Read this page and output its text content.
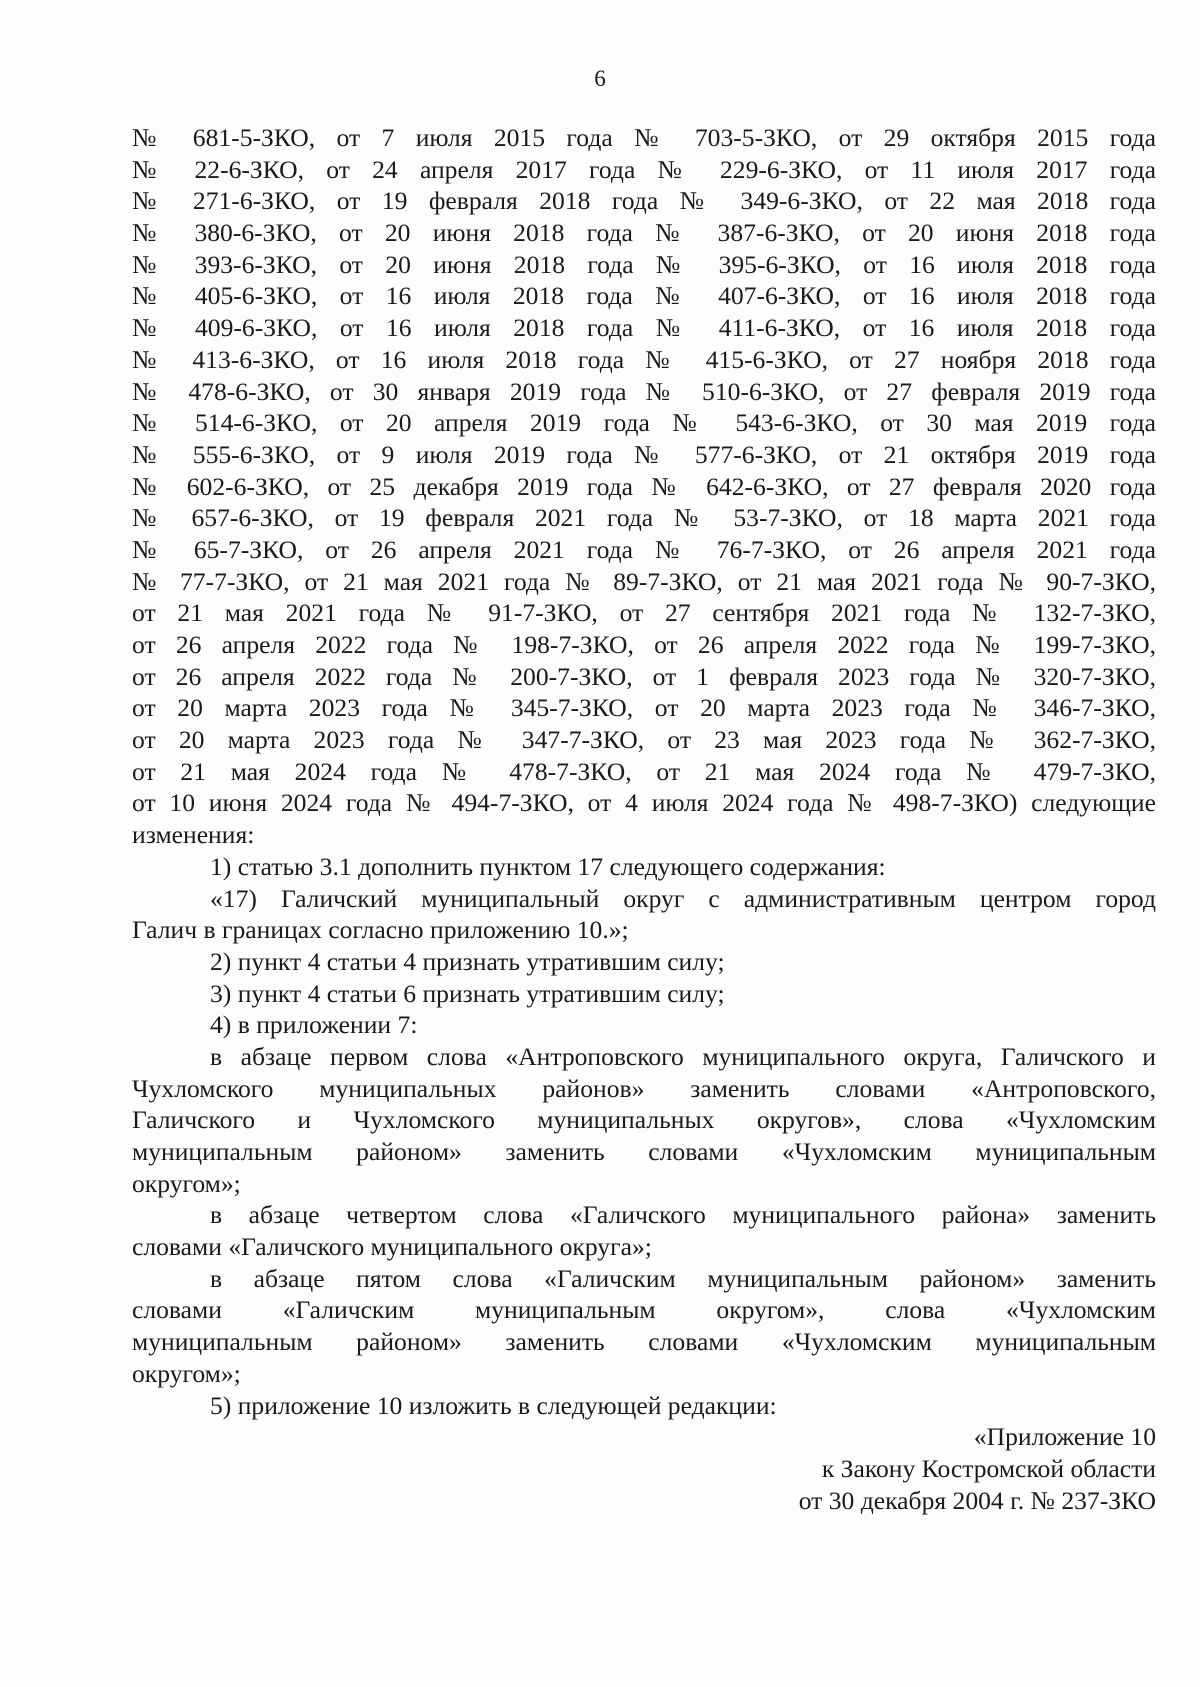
6
№ 681-5-ЗКО, от 7 июля 2015 года № 703-5-ЗКО, от 29 октября 2015 года
№ 22-6-ЗКО, от 24 апреля 2017 года № 229-6-ЗКО, от 11 июля 2017 года
№ 271-6-ЗКО, от 19 февраля 2018 года № 349-6-ЗКО, от 22 мая 2018 года
№ 380-6-ЗКО, от 20 июня 2018 года № 387-6-ЗКО, от 20 июня 2018 года
№ 393-6-ЗКО, от 20 июня 2018 года № 395-6-ЗКО, от 16 июля 2018 года
№ 405-6-ЗКО, от 16 июля 2018 года № 407-6-ЗКО, от 16 июля 2018 года
№ 409-6-ЗКО, от 16 июля 2018 года № 411-6-ЗКО, от 16 июля 2018 года
№ 413-6-ЗКО, от 16 июля 2018 года № 415-6-ЗКО, от 27 ноября 2018 года
№ 478-6-ЗКО, от 30 января 2019 года № 510-6-ЗКО, от 27 февраля 2019 года
№ 514-6-ЗКО, от 20 апреля 2019 года № 543-6-ЗКО, от 30 мая 2019 года
№ 555-6-ЗКО, от 9 июля 2019 года № 577-6-ЗКО, от 21 октября 2019 года
№ 602-6-ЗКО, от 25 декабря 2019 года № 642-6-ЗКО, от 27 февраля 2020 года
№ 657-6-ЗКО, от 19 февраля 2021 года № 53-7-ЗКО, от 18 марта 2021 года
№ 65-7-ЗКО, от 26 апреля 2021 года № 76-7-ЗКО, от 26 апреля 2021 года
№ 77-7-ЗКО, от 21 мая 2021 года № 89-7-ЗКО, от 21 мая 2021 года № 90-7-ЗКО,
от 21 мая 2021 года № 91-7-ЗКО, от 27 сентября 2021 года № 132-7-ЗКО,
от 26 апреля 2022 года № 198-7-ЗКО, от 26 апреля 2022 года № 199-7-ЗКО,
от 26 апреля 2022 года № 200-7-ЗКО, от 1 февраля 2023 года № 320-7-ЗКО,
от 20 марта 2023 года № 345-7-ЗКО, от 20 марта 2023 года № 346-7-ЗКО,
от 20 марта 2023 года № 347-7-ЗКО, от 23 мая 2023 года № 362-7-ЗКО,
от 21 мая 2024 года № 478-7-ЗКО, от 21 мая 2024 года № 479-7-ЗКО,
от 10 июня 2024 года № 494-7-ЗКО, от 4 июля 2024 года № 498-7-ЗКО) следующие
изменения:
1) статью 3.1 дополнить пунктом 17 следующего содержания:
«17) Галичский муниципальный округ с административным центром город
Галич в границах согласно приложению 10.»;
2) пункт 4 статьи 4 признать утратившим силу;
3) пункт 4 статьи 6 признать утратившим силу;
4) в приложении 7:
в абзаце первом слова «Антроповского муниципального округа, Галичского и
Чухломского муниципальных районов» заменить словами «Антроповского,
Галичского и Чухломского муниципальных округов», слова «Чухломским
муниципальным районом» заменить словами «Чухломским муниципальным
округом»;
в абзаце четвертом слова «Галичского муниципального района» заменить
словами «Галичского муниципального округа»;
в абзаце пятом слова «Галичским муниципальным районом» заменить
словами «Галичским муниципальным округом», слова «Чухломским
муниципальным районом» заменить словами «Чухломским муниципальным
округом»;
5) приложение 10 изложить в следующей редакции:
«Приложение 10
к Закону Костромской области
от 30 декабря 2004 г. № 237-ЗКО
